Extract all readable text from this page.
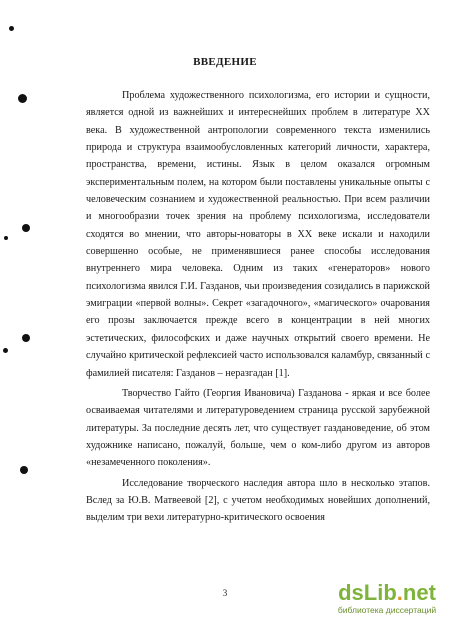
ВВЕДЕНИЕ

Проблема художественного психологизма, его истории и сущности, является одной из важнейших и интереснейших проблем в литературе XX века. В художественной антропологии современного текста изменились природа и структура взаимообусловленных категорий личности, характера, пространства, времени, истины. Язык в целом оказался огромным экспериментальным полем, на котором были поставлены уникальные опыты с человеческим сознанием и художественной реальностью. При всем различии и многообразии точек зрения на проблему психологизма, исследователи сходятся во мнении, что авторы-новаторы в XX веке искали и находили совершенно особые, не применявшиеся ранее способы исследования внутреннего мира человека. Одним из таких «генераторов» нового психологизма явился Г.И. Газданов, чьи произведения созидались в парижской эмиграции «первой волны». Секрет «загадочного», «магического» очарования его прозы заключается прежде всего в концентрации в ней многих эстетических, философских и даже научных открытий своего времени. Не случайно критической рефлексией часто использовался каламбур, связанный с фамилией писателя: Газданов – неразгадан [1].

Творчество Гайто (Георгия Ивановича) Газданова - яркая и все более осваиваемая читателями и литературоведением страница русской зарубежной литературы. За последние десять лет, что существует газдановедение, об этом художнике написано, пожалуй, больше, чем о ком-либо другом из авторов «незамеченного поколения».

Исследование творческого наследия автора шло в несколько этапов. Вслед за Ю.В. Матвеевой [2], с учетом необходимых новейших дополнений, выделим три вехи литературно-критического освоения

3	dsLib.net
библиотека диссертаций
